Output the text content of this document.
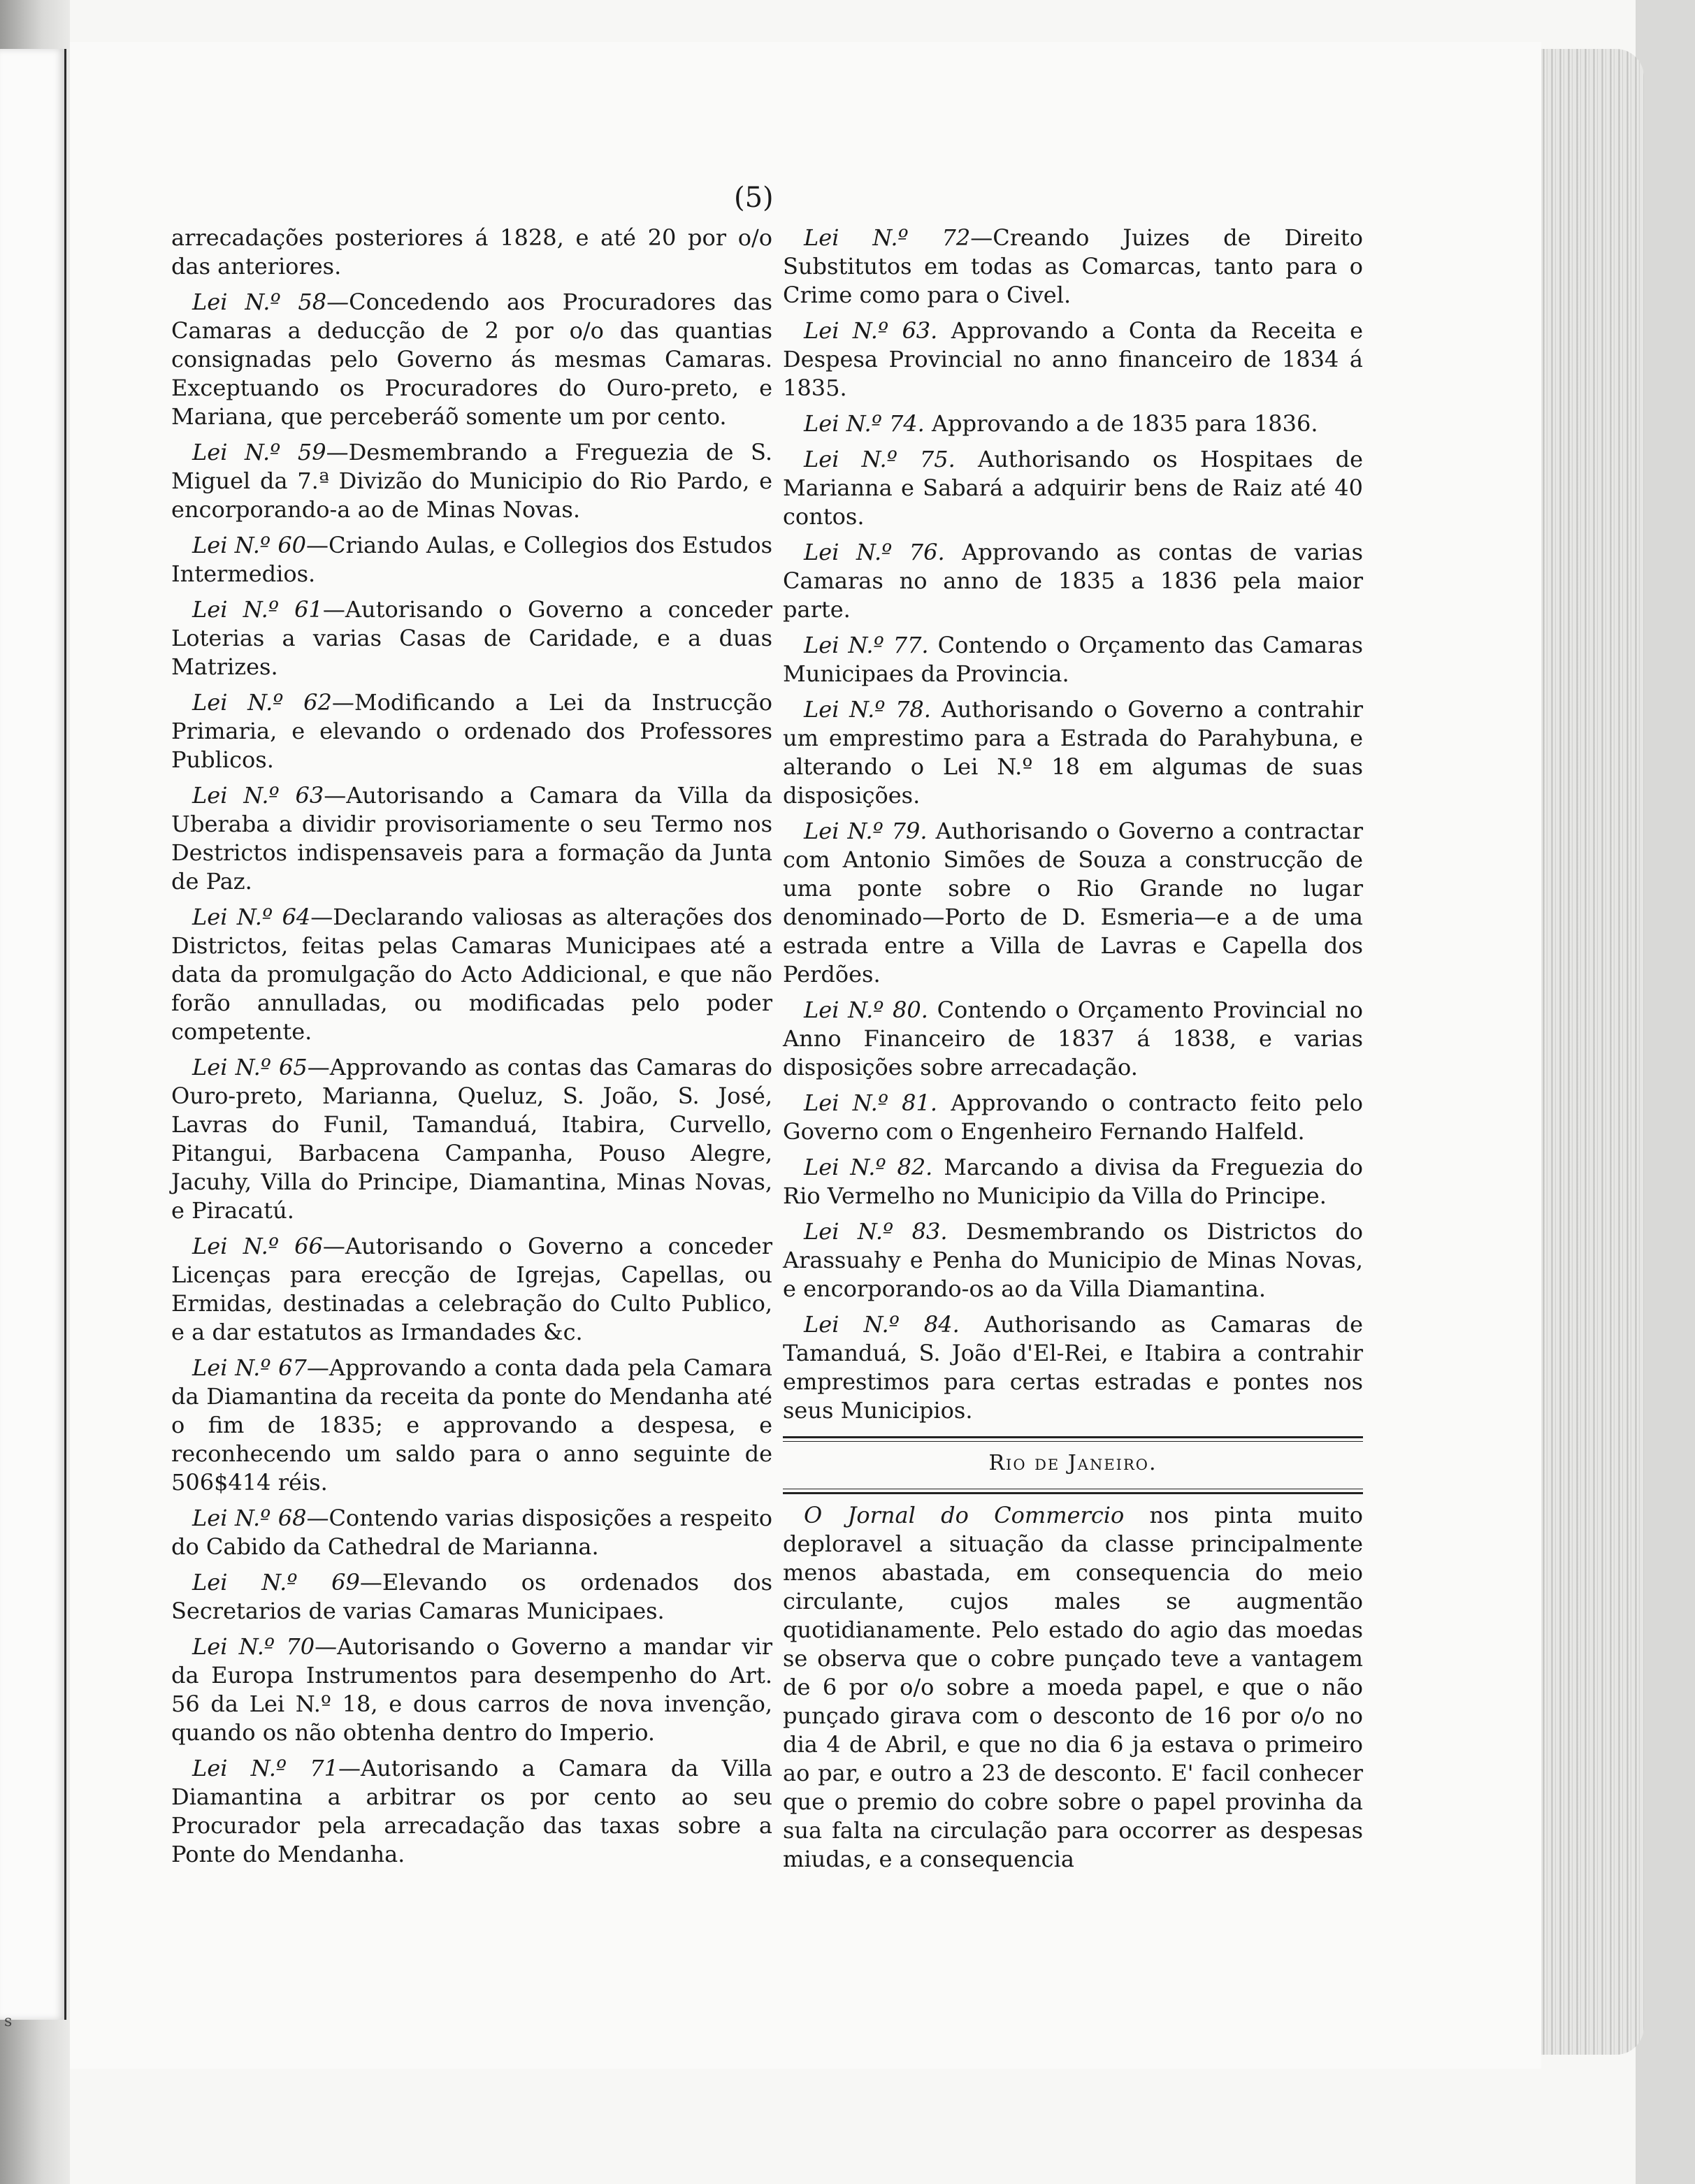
(5)

arrecadações posteriores á 1828, e até 20 por o/o das anteriores.

Lei N.º 58—Concedendo aos Procuradores das Camaras a deducção de 2 por o/o das quantias consignadas pelo Governo ás mesmas Camaras. Exceptuando os Procuradores do Ouro-preto, e Mariana, que perceberáõ somente um por cento.

Lei N.º 59—Desmembrando a Freguezia de S. Miguel da 7.ª Divizão do Municipio do Rio Pardo, e encorporando-a ao de Minas Novas.

Lei N.º 60—Criando Aulas, e Collegios dos Estudos Intermedios.

Lei N.º 61—Autorisando o Governo a conceder Loterias a varias Casas de Caridade, e a duas Matrizes.

Lei N.º 62—Modificando a Lei da Instrucção Primaria, e elevando o ordenado dos Professores Publicos.

Lei N.º 63—Autorisando a Camara da Villa da Uberaba a dividir provisoriamente o seu Termo nos Destrictos indispensaveis para a formação da Junta de Paz.

Lei N.º 64—Declarando valiosas as alterações dos Districtos, feitas pelas Camaras Municipaes até a data da promulgação do Acto Addicional, e que não forão annulladas, ou modificadas pelo poder competente.

Lei N.º 65—Approvando as contas das Camaras do Ouro-preto, Marianna, Queluz, S. João, S. José, Lavras do Funil, Tamanduá, Itabira, Curvello, Pitangui, Barbacena Campanha, Pouso Alegre, Jacuhy, Villa do Principe, Diamantina, Minas Novas, e Piracatú.

Lei N.º 66—Autorisando o Governo a conceder Licenças para erecção de Igrejas, Capellas, ou Ermidas, destinadas a celebração do Culto Publico, e a dar estatutos as Irmandades &c.

Lei N.º 67—Approvando a conta dada pela Camara da Diamantina da receita da ponte do Mendanha até o fim de 1835; e approvando a despesa, e reconhecendo um saldo para o anno seguinte de 506$414 réis.

Lei N.º 68—Contendo varias disposições a respeito do Cabido da Cathedral de Marianna.

Lei N.º 69—Elevando os ordenados dos Secretarios de varias Camaras Municipaes.

Lei N.º 70—Autorisando o Governo a mandar vir da Europa Instrumentos para desempenho do Art. 56 da Lei N.º 18, e dous carros de nova invenção, quando os não obtenha dentro do Imperio.

Lei N.º 71—Autorisando a Camara da Villa Diamantina a arbitrar os por cento ao seu Procurador pela arrecadação das taxas sobre a Ponte do Mendanha.

Lei N.º 72—Creando Juizes de Direito Substitutos em todas as Comarcas, tanto para o Crime como para o Civel.

Lei N.º 63. Approvando a Conta da Receita e Despesa Provincial no anno financeiro de 1834 á 1835.

Lei N.º 74. Approvando a de 1835 para 1836.

Lei N.º 75. Authorisando os Hospitaes de Marianna e Sabará a adquirir bens de Raiz até 40 contos.

Lei N.º 76. Approvando as contas de varias Camaras no anno de 1835 a 1836 pela maior parte.

Lei N.º 77. Contendo o Orçamento das Camaras Municipaes da Provincia.

Lei N.º 78. Authorisando o Governo a contrahir um emprestimo para a Estrada do Parahybuna, e alterando o Lei N.º 18 em algumas de suas disposições.

Lei N.º 79. Authorisando o Governo a contractar com Antonio Simões de Souza a construcção de uma ponte sobre o Rio Grande no lugar denominado—Porto de D. Esmeria—e a de uma estrada entre a Villa de Lavras e Capella dos Perdões.

Lei N.º 80. Contendo o Orçamento Provincial no Anno Financeiro de 1837 á 1838, e varias disposições sobre arrecadação.

Lei N.º 81. Approvando o contracto feito pelo Governo com o Engenheiro Fernando Halfeld.

Lei N.º 82. Marcando a divisa da Freguezia do Rio Vermelho no Municipio da Villa do Principe.

Lei N.º 83. Desmembrando os Districtos do Arassuahy e Penha do Municipio de Minas Novas, e encorporando-os ao da Villa Diamantina.

Lei N.º 84. Authorisando as Camaras de Tamanduá, S. João d'El-Rei, e Itabira a contrahir emprestimos para certas estradas e pontes nos seus Municipios.

Rio de Janeiro.

O Jornal do Commercio nos pinta muito deploravel a situação da classe principalmente menos abastada, em consequencia do meio circulante, cujos males se augmentão quotidianamente. Pelo estado do agio das moedas se observa que o cobre punçado teve a vantagem de 6 por o/o sobre a moeda papel, e que o não punçado girava com o desconto de 16 por o/o no dia 4 de Abril, e que no dia 6 ja estava o primeiro ao par, e outro a 23 de desconto. E' facil conhecer que o premio do cobre sobre o papel provinha da sua falta na circulação para occorrer as despesas miudas, e a consequencia

s
